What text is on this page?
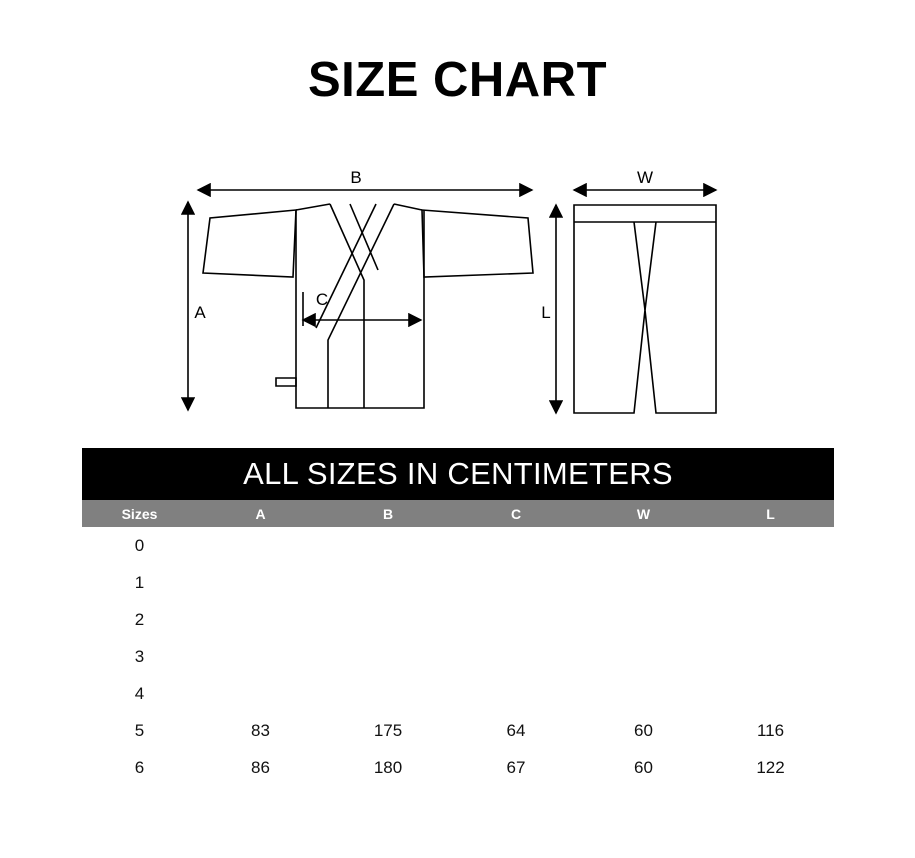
SIZE CHART
B
A
C
W
L
ALL SIZES IN CENTIMETERS
Sizes	A	B	C	W	L
0					
1					
2					
3					
4					
5	83	175	64	60	116
6	86	180	67	60	122
